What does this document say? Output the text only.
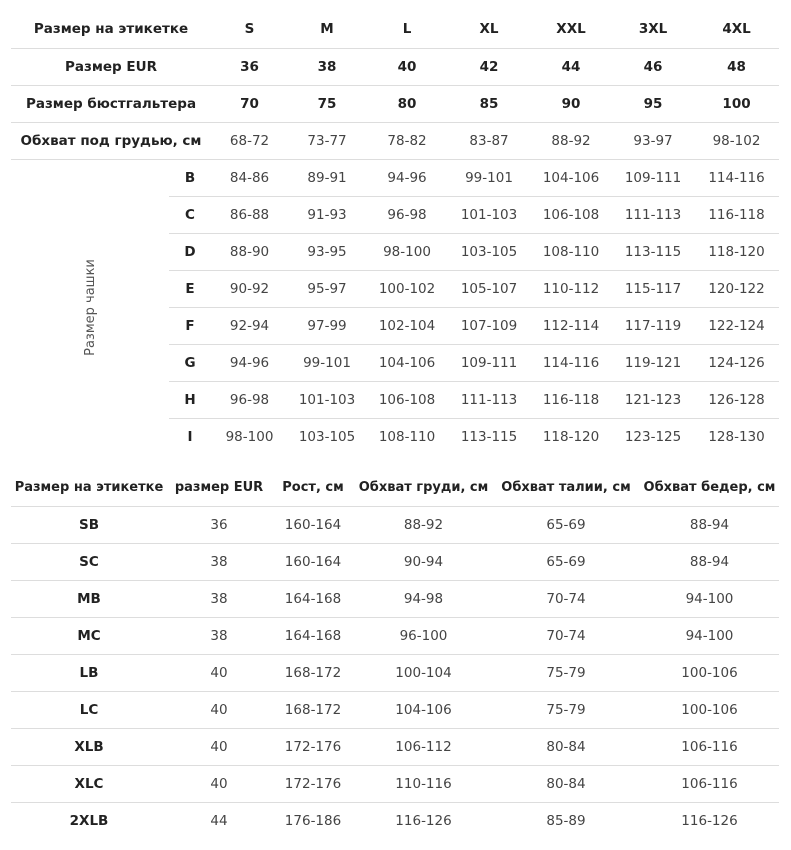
Размер на этикетке		S	M	L	XL	XXL	3XL	4XL
Размер EUR		36	38	40	42	44	46	48
Размер бюстгальтера		70	75	80	85	90	95	100
Обхват под грудью, см		68-72	73-77	78-82	83-87	88-92	93-97	98-102
Размер чашки	B	84-86	89-91	94-96	99-101	104-106	109-111	114-116
	C	86-88	91-93	96-98	101-103	106-108	111-113	116-118
	D	88-90	93-95	98-100	103-105	108-110	113-115	118-120
	E	90-92	95-97	100-102	105-107	110-112	115-117	120-122
	F	92-94	97-99	102-104	107-109	112-114	117-119	122-124
	G	94-96	99-101	104-106	109-111	114-116	119-121	124-126
	H	96-98	101-103	106-108	111-113	116-118	121-123	126-128
	I	98-100	103-105	108-110	113-115	118-120	123-125	128-130
Размер на этикетке	размер EUR	Рост, см	Обхват груди, см	Обхват талии, см	Обхват бедер, см
SB	36	160-164	88-92	65-69	88-94
SC	38	160-164	90-94	65-69	88-94
MB	38	164-168	94-98	70-74	94-100
MC	38	164-168	96-100	70-74	94-100
LB	40	168-172	100-104	75-79	100-106
LC	40	168-172	104-106	75-79	100-106
XLB	40	172-176	106-112	80-84	106-116
XLC	40	172-176	110-116	80-84	106-116
2XLB	44	176-186	116-126	85-89	116-126
